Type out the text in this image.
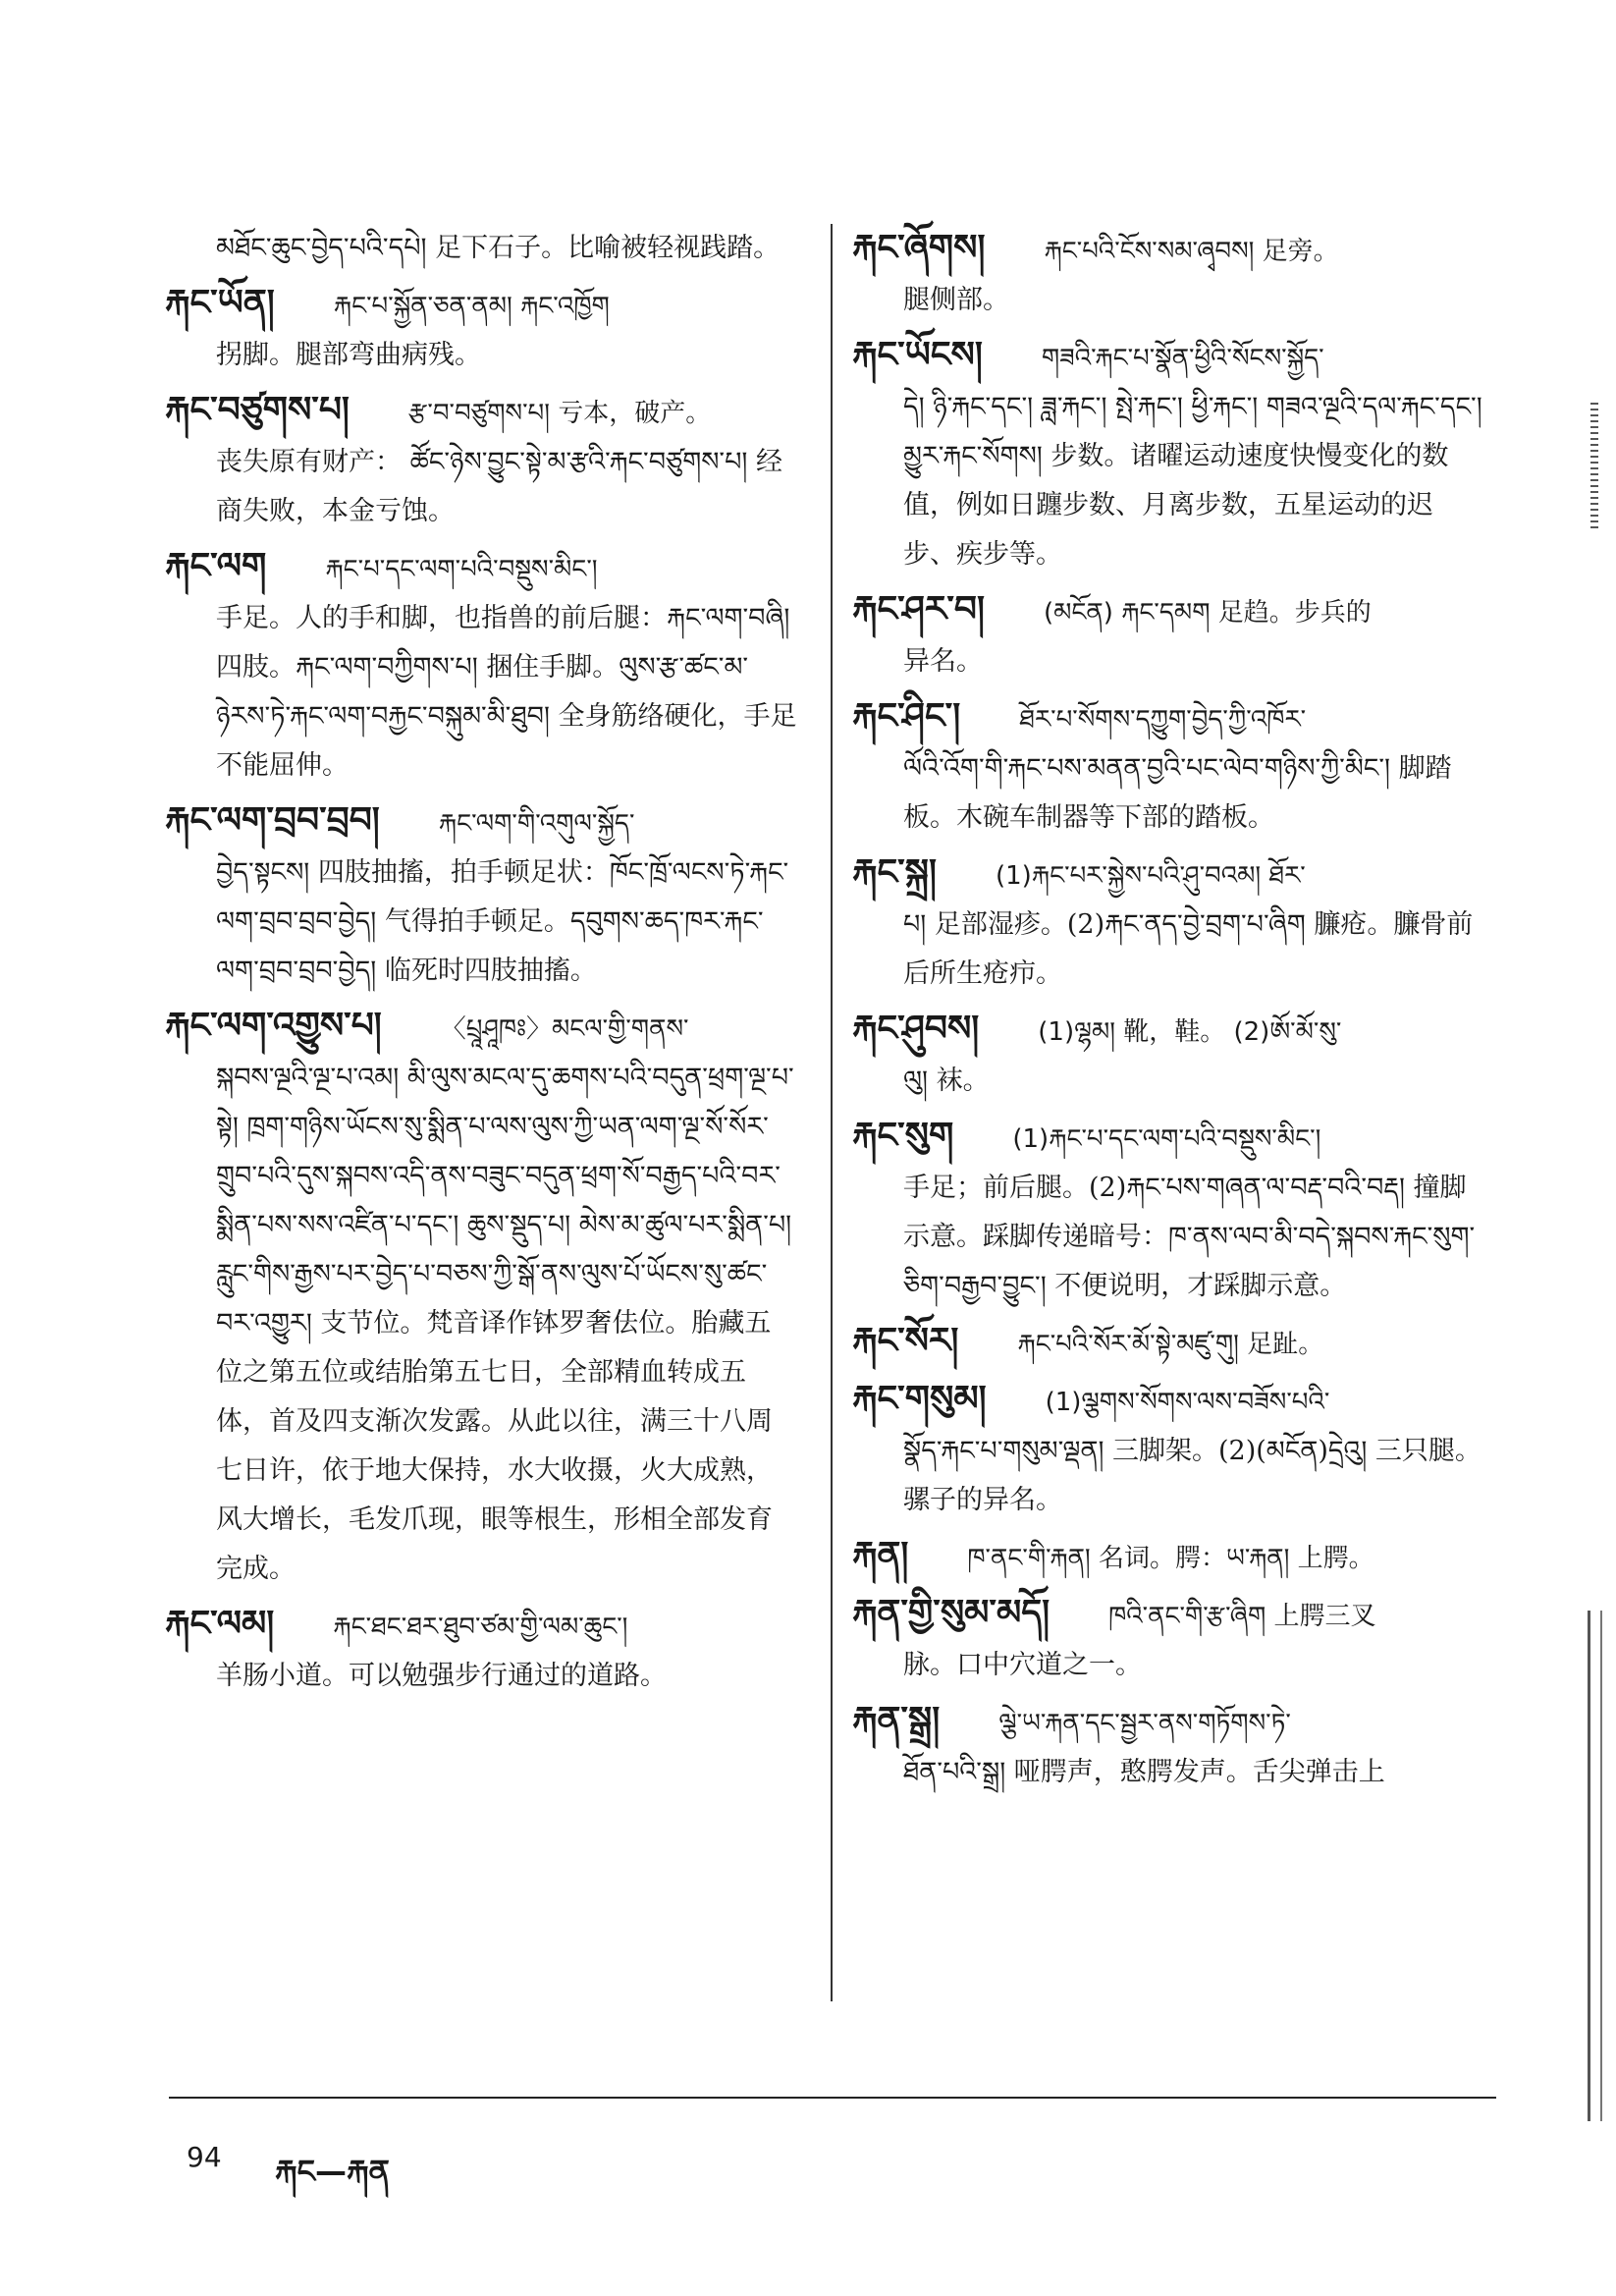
མཐོང་ཆུང་བྱེད་པའི་དཔེ། 足下石子。比喻被轻视践踏。
རྐང་ཡོན། རྐང་པ་སྐྱོན་ཅན་ནམ། རྐང་འཁྱོག
拐脚。腿部弯曲病残。
རྐང་བཙུགས་པ། རྩ་བ་བཙུགས་པ། 亏本，破产。
丧失原有财产： ཚོང་ཉེས་བྱུང་སྟེ་མ་རྩའི་རྐང་བཙུགས་པ། 经商失败，本金亏蚀。
རྐང་ལག རྐང་པ་དང་ལག་པའི་བསྡུས་མིང་།
手足。人的手和脚，也指兽的前后腿：རྐང་ལག་བཞི། 四肢。རྐང་ལག་བཀྱིགས་པ། 捆住手脚。ལུས་རྩ་ཚང་མ་ཉེརས་ཏེ་རྐང་ལག་བརྐྱང་བསྐུམ་མི་ཐུབ། 全身筋络硬化，手足不能屈伸。
རྐང་ལག་བྲབ་བྲབ། རྐང་ལག་གི་འགུལ་སྐྱོད་
བྱེད་སྟངས། 四肢抽搐，拍手顿足状：ཁོང་ཁྲོ་ལངས་ཏེ་རྐང་ལག་བྲབ་བྲབ་བྱེད། 气得拍手顿足。དབུགས་ཆད་ཁར་རྐང་ལག་བྲབ་བྲབ་བྱེད། 临死时四肢抽搐。
རྐང་ལག་འགྱུས་པ། 〈པྲཱཤཱཁཿ〉མངལ་གྱི་གནས་
སྐབས་ལྔའི་ལྔ་པ་འམ། མི་ལུས་མངལ་དུ་ཆགས་པའི་བདུན་ཕྲག་ལྔ་པ་སྟེ། ཁྲག་གཉིས་ཡོངས་སུ་སྨིན་པ་ལས་ལུས་ཀྱི་ཡན་ལག་ལྔ་སོ་སོར་གྲུབ་པའི་དུས་སྐབས་འདི་ནས་བཟུང་བདུན་ཕྲག་སོ་བརྒྱད་པའི་བར་སྨིན་པས་སས་འཛིན་པ་དང་། ཆུས་སྡུད་པ། མེས་མ་ཚུལ་པར་སྨིན་པ། རླུང་གིས་རྒྱས་པར་བྱེད་པ་བཅས་ཀྱི་སྒོ་ནས་ལུས་པོ་ཡོངས་སུ་ཚང་བར་འགྱུར། 支节位。梵音译作钵罗奢佉位。胎藏五位之第五位或结胎第五七日，全部精血转成五体，首及四支渐次发露。从此以往，满三十八周七日许，依于地大保持，水大收摄，火大成熟，风大增长，毛发爪现，眼等根生，形相全部发育完成。
རྐང་ལམ། རྐང་ཐང་ཐར་ཐུབ་ཙམ་གྱི་ལམ་ཆུང་།
羊肠小道。可以勉强步行通过的道路。
རྐང་ཞོགས། རྐང་པའི་ངོས་སམ་ཞྭབས། 足旁。
腿侧部。
རྐང་ཡོངས། གཟའི་རྐང་པ་སྣོན་ཕྱིའི་སོངས་སྐྱོད་
དེ། ཉི་རྐང་དང་། ཟླ་རྐང་། སྤེ་རྐང་། ཕྱི་རྐང་། གཟའ་ལྔའི་དལ་རྐང་དང་། མྱུར་རྐང་སོགས། 步数。诸曜运动速度快慢变化的数值，例如日躔步数、月离步数，五星运动的迟步、疾步等。
རྐང་ཤར་བ། (མངོན) རྐང་དམག 足趋。步兵的
异名。
རྐང་ཤིང་། ཐོར་པ་སོགས་དཀྱུག་བྱེད་ཀྱི་འཁོར་
ལོའི་འོག་གི་རྐང་པས་མནན་བྱའི་པང་ལེབ་གཉིས་ཀྱི་མིང་། 脚踏板。木碗车制器等下部的踏板。
རྐང་སྐྲ། (1)རྐང་པར་སྐྱེས་པའི་ཤུ་བའམ། ཐོར་
པ། 足部湿疹。(2)རྐང་ནད་བྱེ་བྲག་པ་ཞིག 臁疮。臁骨前后所生疮疖。
རྐང་ཤུབས། (1)ལྷམ། 靴，鞋。 (2)ཨོ་མོ་སུ་
ལུ། 袜。
རྐང་སུག (1)རྐང་པ་དང་ལག་པའི་བསྡུས་མིང་།
手足；前后腿。(2)རྐང་པས་གཞན་ལ་བརྡ་བའི་བརྡ། 撞脚示意。踩脚传递暗号：ཁ་ནས་ལབ་མི་བདེ་སྐབས་རྐང་སུག་ཅིག་བརྒྱབ་བྱུང་། 不便说明，才踩脚示意。
རྐང་སོར། རྐང་པའི་སོར་མོ་སྟེ་མཛུ་གུ། 足趾。
རྐང་གསུམ། (1)ལྕགས་སོགས་ལས་བཟོས་པའི་
སྣོད་རྐང་པ་གསུམ་ལྡན། 三脚架。(2)(མངོན)དྲེའུ། 三只腿。骡子的异名。
རྐན། ཁ་ནང་གི་རྐན། 名词。腭：ཡ་རྐན། 上腭。
རྐན་གྱི་སུམ་མདོ། ཁའི་ནང་གི་རྩ་ཞིག 上腭三叉
脉。口中穴道之一。
རྐན་སྒྲ། ལྕེ་ཡ་རྐན་དང་སྦྱར་ནས་གཏོགས་ཏེ་
ཐོན་པའི་སྒྲ། 哑腭声，憨腭发声。舌尖弹击上
94 རྐང—རྐན
